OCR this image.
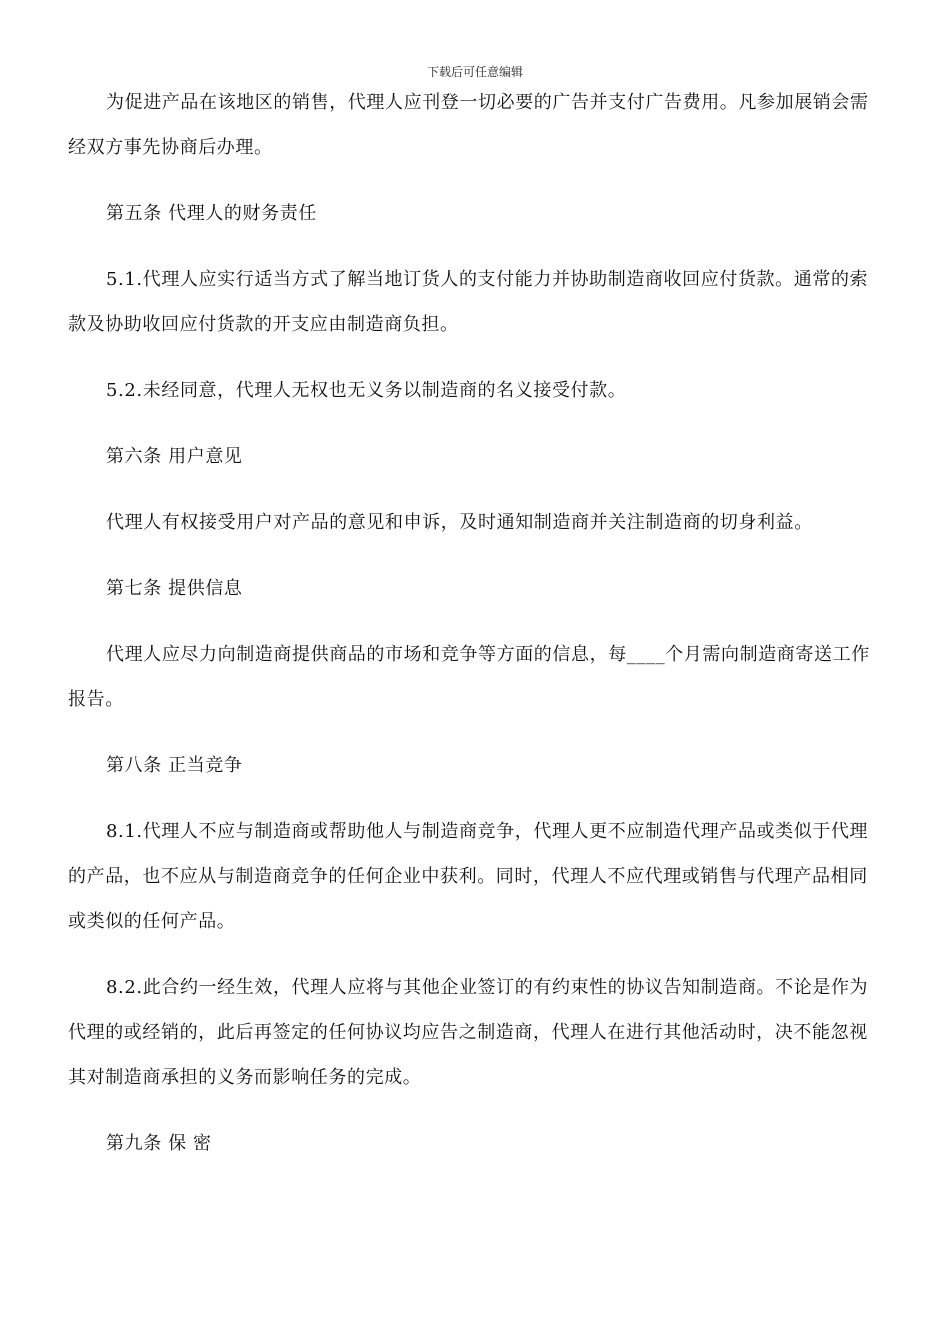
下载后可任意编辑

为促进产品在该地区的销售，代理人应刊登一切必要的广告并支付广告费用。凡参加展销会需经双方事先协商后办理。

第五条 代理人的财务责任

5.1.代理人应实行适当方式了解当地订货人的支付能力并协助制造商收回应付货款。通常的索款及协助收回应付货款的开支应由制造商负担。

5.2.未经同意，代理人无权也无义务以制造商的名义接受付款。

第六条 用户意见

代理人有权接受用户对产品的意见和申诉，及时通知制造商并关注制造商的切身利益。

第七条 提供信息

代理人应尽力向制造商提供商品的市场和竞争等方面的信息，每____个月需向制造商寄送工作报告。

第八条 正当竞争

8.1.代理人不应与制造商或帮助他人与制造商竞争，代理人更不应制造代理产品或类似于代理的产品，也不应从与制造商竞争的任何企业中获利。同时，代理人不应代理或销售与代理产品相同或类似的任何产品。

8.2.此合约一经生效，代理人应将与其他企业签订的有约束性的协议告知制造商。不论是作为代理的或经销的，此后再签定的任何协议均应告之制造商，代理人在进行其他活动时，决不能忽视其对制造商承担的义务而影响任务的完成。

第九条 保 密
